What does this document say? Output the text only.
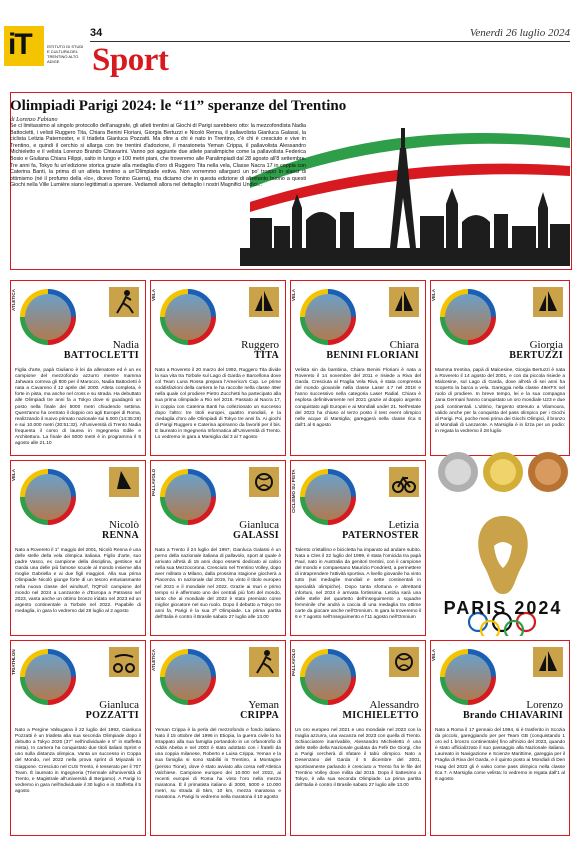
iT	ISTITUTO DI STUDI E CULTURA DEL TRENTINO ALTO ADIGE
34	Venerdì 26 luglio 2024
Sport
Olimpiadi Parigi 2024: le “11” speranze del Trentino
di Lorenzo Fabiano
Se ci limitassimo al singolo protocollo dell'anagrafe, gli atleti trentini ai Giochi di Parigi sarebbero otto: la mezzofondista Nadia Battocletti, i velisti Ruggero Tita, Chiara Benini Floriani, Giorgia Bertuzzi e Nicolò Renna, il pallavolista Gianluca Galassi, la ciclista Letizia Paternoster, e il triatleta Gianluca Pozzatti. Ma oltre a chi è nato in Trentino, c'è chi è cresciuto e vive in Trentino, e quindi il cerchio si allarga con tre trentini d'adozione, il maratoneta Yeman Crippa, il pallavolista Alessandro Michieletto e il velista Lorenzo Brando Chiavarini. Vanno poi aggiunte due atlete paralimpiche come la pallavolista Federica Bosio e Giuliana Chiara Filippi, salto in lungo e 100 metri piani, che troveremo alle Paralimpiadi dal 28 agosto all'8 settembre. Tre anni fa, Tokyo fu un'edizione storica grazie alla medaglia d'oro di Ruggero Tita nella vela, Classe Nacra 17 in coppia con Caterina Banti, la prima di un atleta trentino a un'Olimpiade estiva. Non vorremmo allargarci un po' troppo in slanci di ottimismo (né il profumo della «lo», dicevo Tonino Guerra), ma diciamo che in questa edizione di altretanto buono a questi Giochi nella Ville Lumière siano legittimati a sperare. Vediamoli allora nel dettaglio i nostri Magnifici Undici...
ATLETICA
Nadia
BATTOCLETTI
Figlia d'arte, papà Giuliano è lei da allenatore ed è un ex campione del mezzofondo azzurro mentre mamma Jahwara correva gli 800 per il Marocco, Nadia Battocletti è nata a Cavareno il 12 aprile del 2000. Atleta completa, è forte in pista, ma anche nel cross e su strada. Ha debuttato alle Olimpiadi tre anni fa a Tokyo dove si guadagnò un posto nella finale dei 5000 metri chiudendo settima. Quest'anno ha centrato il doppio oro agli Europei di Roma, realizzando il nuovo primato nazionale sui 5.000 (14:35:29) e sui 10.000 metri (30:51:32). All'università di Trento Nadia frequenta il corso di laurea in Ingegneria Edile e Architettura. La finale dei 5000 metri è in programma il 5 agosto alle 21.10
VELA
Ruggero
TITA
Nato a Rovereto il 20 marzo del 1992, Ruggero Tita divide la sua vita tra Torbole sul Lago di Garda e Barcellona dove col Team Luna Rossa prepara l'America's Cup. Le prime soddisfazioni della carriera le ha raccolte nella classe 49er nella quale col prodiere Pietro Zucchetti ha partecipato alla sua prima olimpiade a Rio nel 2016. Passato al Nacra 17, in coppia con Caterina Banti ha collezionato un successo dopo l'altro: tre titoli europei, quattro mondiali, e la medaglia d'oro alle Olimpiadi di Tokyo tre anni fa. Ai giochi di Parigi Ruggero e Caterina apriranno da favoriti per il bis. E laureato in Ingegneria Informatica all'Università di Trento. Lo vedremo in gara a Marsiglia dal 3 al 7 agosto
VELA
Chiara
BENINI FLORIANI
Velista sin da bambina, Chiara Benini Floriani è nata a Rovereto il 14 novembre del 2011 e risiede a Riva del Garda. Cresciuta al Fraglia Vela Riva, è stata compressa del mondo giovanile nella classe Laser 4.7 nel 2018 e l'anno successivo nella categoria Laser Radial. Chiara è esplosa definitivamente nel 2021 grazie al doppio argento conquistato agli Europei e ai Mondiali under 21. Nell'estate del 2023 ha chiuso al terzo posto il test event olimpico nelle acque di Marsiglia; gareggerà nella classe Ilca 6 dall'1 al 6 agosto
VELA
Giorgia
BERTUZZI
Mamma trentina, papà di Malcesine, Giorgia Bertuzzi è nata a Rovereto il 14 agosto del 2001, e con da piccola risiede a Malcesine, sul Lago di Garda, dove all'età di sei anni ha scoperto la barca a vela. Gareggia nella classe 49erFX nel ruolo di prodiere. In breve tempo, lei e la sua compagna Jana Germani hanno conquistato un oro mondiale U23 e due podi continentali. L'ultimo, l'argento ottenuto a Vilamoura, valido anche per la conquista del pass olimpico per i Giochi di Parigi. Poi, poche mesi prima dei Giochi Olimpici, il bronzo al Mondiali di Lanzarote. A Marsiglia è in lizza per un podio: in regata la vedremo il 28 luglio
VELA
Nicolò
RENNA
Nato a Rovereto il 1° maggio del 2001, Nicolò Renna è una delle stelle della vela olimpica italiana. Figlio d'arte, suo padre Vasco, ex campione della disciplina, gestisce sul Garda una delle più famose scuole al mondo insieme alla moglie Gabriella e ai due figli maggiori. Alla sua prima Olimpiade Nicolò giunge forte di un tesoro entusiasmante nella nuova classe del windsurf, l'IQFoil: campione del mondo nel 2024 a Lanzarote e d'Europa a Patrasso nel 2023, vanta anche un ottimo bronzo iridato nel 2023 ed un argento continentale a Torbole nel 2022. Papabile di medaglia, in gara lo vedremo dal 28 luglio al 2 agosto
PALLAVOLO
Gianluca
GALASSI
Nato a Trento il 24 luglio del 1997, Gianluca Galassi è un perno della nazionale italiana di pallavolo, sport al quale è arrivato all'età di 15 anni dopo essersi dedicato al calcio nella sua Mezzocorona. Cresciuto nel Trentino Volley, dopo aver militato a Milano, dalla prossima stagione giocherà a Piacenza. In nazionale dal 2019, ha vinto il titolo europeo nel 2021 e il mondiale nel 2022. Grazie ai muri e primo tempo si è affermato uno dei centrali più forti del mondo, tanto che al mondiale del 2022 è stato premiato come miglior giocatore nel suo ruolo. Dopo il debutto a Tokyo tre anni fa, Parigi è la sua 2ª Olimpiade. La prima partita dell'Italia è contro il Brasile sabato 27 luglio alle 13.00
CICLISMO SU PISTA
Letizia
PATERNOSTER
Talento cristallino e bicicletta ha imparato ad andare subito. Nata a Cles il 22 luglio del 1999, è stata l'omicida tra papà Paul, nato in Australia da genitori trentini, con il campione del mondo e compaesano Maurizio Fondriest, a permettere di intraprendere l'attività sportiva. A livello giovanile ha vinto tutto (sei medaglie mondiali e sette continentali in specialità olimpiche). Dopo tanta sfortuna e altrettanti infortuni, nel 2024 è arrivata fortissima. Letizia sarà una delle stelle del quartetto dell'inseguimento a squadre femminile che andrà a caccia di una medaglia tra ottime carte da giocare anche nell'Omnium. In gara la troveremo il 6 e 7 agosto nell'Inseguimento e l'11 agosto nell'Omnium	PARIS 2024
TRIATHLON
Gianluca
POZZATTI
Nato a Pergine Valsugana il 22 luglio del 1993, Gianluca Pozzatti è un triatleta alla sua seconda Olimpiade dopo il debutto a Tokyo 2020 (37° nell'individuale e 8° in staffetta mista). In carriera ha conquistato due titoli italiani Sprint e uno sulla distanza olimpica. Vanta un successo in Coppa del Mondo, nel 2022 nella prova sprint di Miyazaki in Giappone. Cresciuto nel CUS Trento, è tesserato per il 707 Team. È laureato in Ingegneria (Triennale all'università di Trento, e Magistrale all'università di Bergamo). A Parigi lo vedremo in gara nell'individuale il 30 luglio e in Staffetta il 5 agosto
ATLETICA
Yeman
CRIPPA
Yeman Crippa è la perla del mezzofondo e fondo italiano. Nato il 15 ottobre del 1996 in Etiopia, la guerra civile lo ha strappato alla sua famiglia portandolo in un orfanotrofio di Addis Abeba e nel 2003 è stato adottato con i fratelli da una coppia milanese, Roberto e Luisa Crippa. Yeman e la sua famiglia si sono stabiliti in Trentino, a Montagne (persso Tione), dove è stato avviato alla corsa nell'Atletica Valchiese. Campione europeo dei 10.000 nel 2022, ai recenti europei di Roma ha vinto l'oro nella mezza maratona. È il primatista italiano di 3000, 5000 e 10.000 metri, su strada di 5km, 10 km, mezza maratona e maratona. A Parigi lo vedremo nella maratona il 10 agosto
PALLAVOLO
Alessandro
MICHIELETTO
Un oro europeo nel 2021 e uno mondiale nel 2023 con la maglia azzurra, una vacanza nel 2023 con quella di Trento. Schiacciatore inarrivabile, Alessandro Michieletto è una delle stelle della Nazionale guidata da Fefè De Giorgi, che a Parigi cercherà di sfatare il tabù olimpico. Nato a Desenzano del Garda il 5 dicembre del 2001, sportivamente parlando è cresciuto a Trento fra le file del Trentino Volley dove milita dal 2015. Dopo il battesimo a Tokyo, è alla sua seconda Olimpiade. La prima partita dell'Italia è contro il Brasile sabato 27 luglio alle 13.00
VELA
Lorenzo
Brando CHIAVARINI
Nato a Roma il 17 gennaio del 1994, si è trasferito in Scozia da piccolo, gareggiando per per Team GB (conquistando 1 oro ed 1 bronzo continentale) fino all'inizio del 2023, quando è stato ufficializzato il suo passaggio alla Nazionale italiana. Laureato in Navigazione e Scienze Marittime, gareggia per il Fraglia di Riva del Garda, e il quinto posto ai Mondiali di Den Haag del 2023 gli è valso come pass olimpico nella classe Ilca 7. A Marsiglia come velista: lo vedremo in regata dall'1 al 6 agosto
